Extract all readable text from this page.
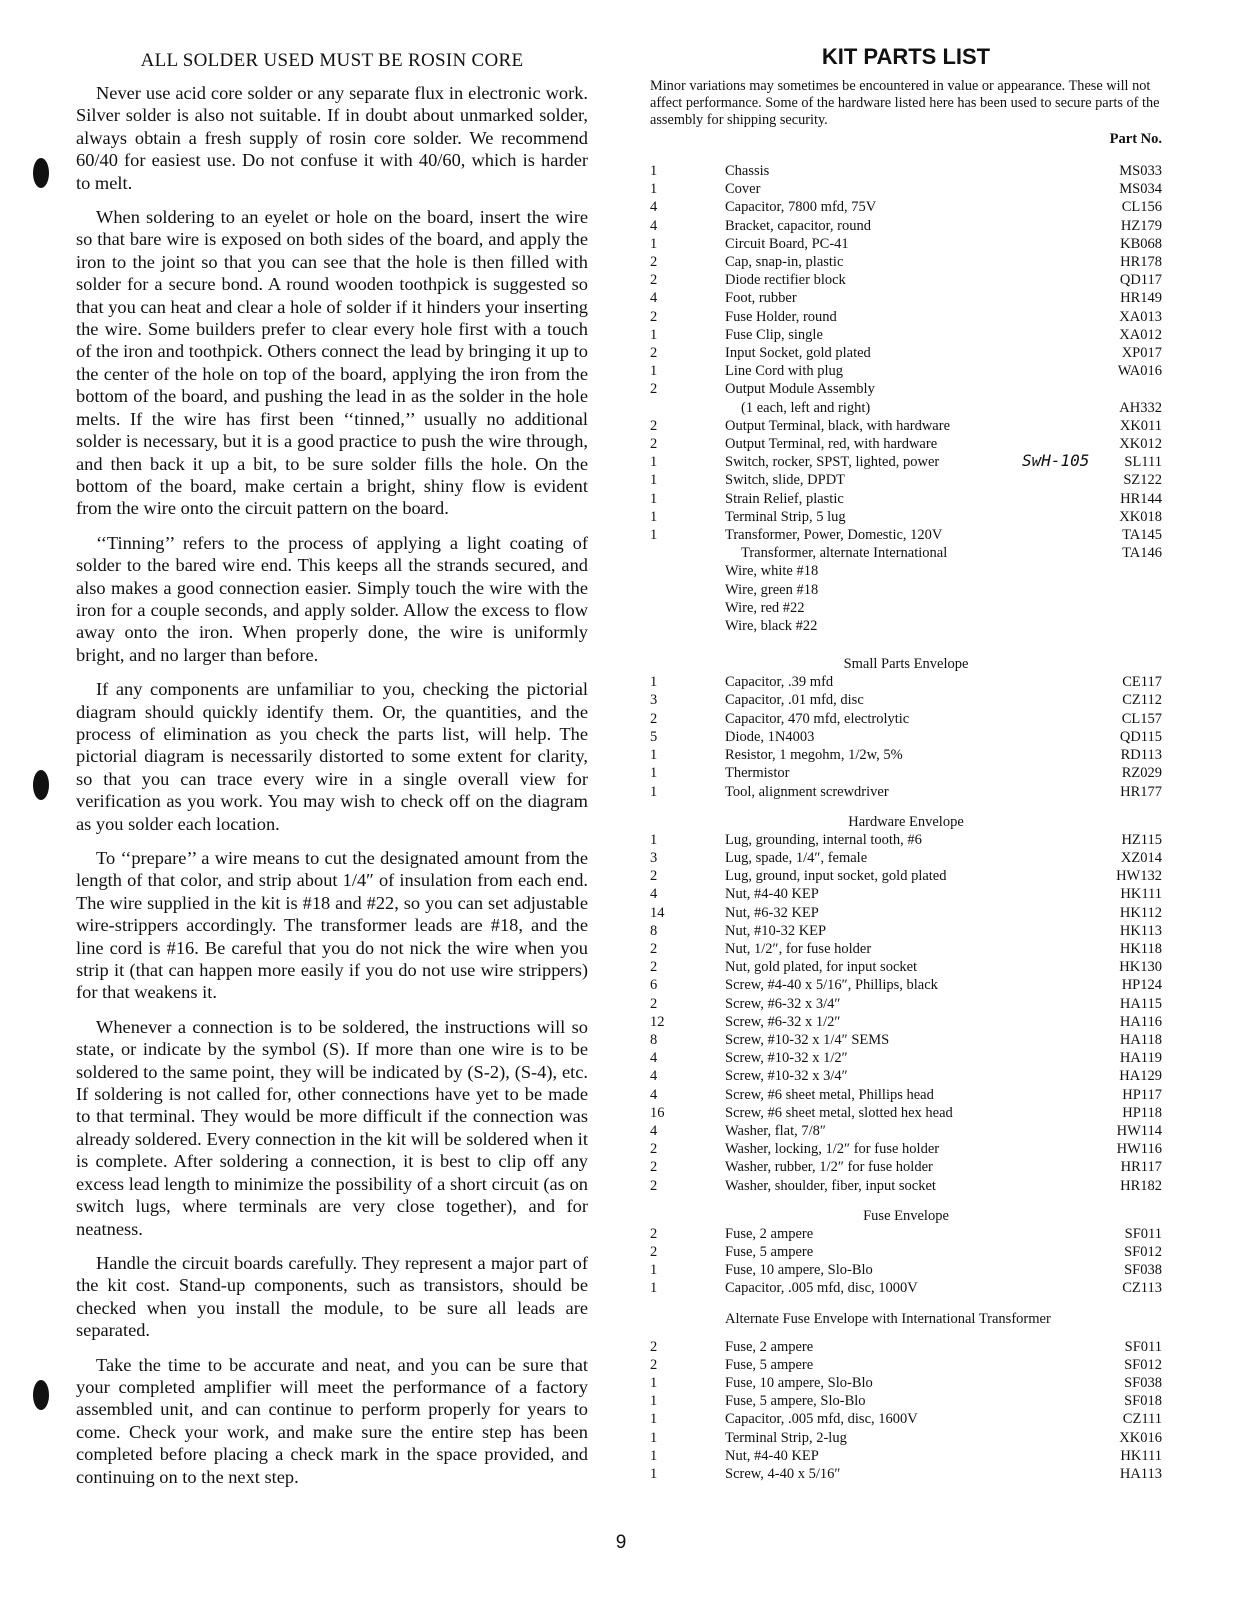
ALL SOLDER USED MUST BE ROSIN CORE

Never use acid core solder or any separate flux in electronic work. Silver solder is also not suitable. If in doubt about unmarked solder, always obtain a fresh supply of rosin core solder. We recommend 60/40 for easiest use. Do not confuse it with 40/60, which is harder to melt.

When soldering to an eyelet or hole on the board, insert the wire so that bare wire is exposed on both sides of the board, and apply the iron to the joint so that you can see that the hole is then filled with solder for a secure bond. A round wooden toothpick is suggested so that you can heat and clear a hole of solder if it hinders your inserting the wire. Some builders prefer to clear every hole first with a touch of the iron and toothpick. Others connect the lead by bringing it up to the center of the hole on top of the board, applying the iron from the bottom of the board, and pushing the lead in as the solder in the hole melts. If the wire has first been ‘‘tinned,’’ usually no additional solder is necessary, but it is a good practice to push the wire through, and then back it up a bit, to be sure solder fills the hole. On the bottom of the board, make certain a bright, shiny flow is evident from the wire onto the circuit pattern on the board.

‘‘Tinning’’ refers to the process of applying a light coating of solder to the bared wire end. This keeps all the strands secured, and also makes a good connection easier. Simply touch the wire with the iron for a couple seconds, and apply solder. Allow the excess to flow away onto the iron. When properly done, the wire is uniformly bright, and no larger than before.

If any components are unfamiliar to you, checking the pictorial diagram should quickly identify them. Or, the quantities, and the process of elimination as you check the parts list, will help. The pictorial diagram is necessarily distorted to some extent for clarity, so that you can trace every wire in a single overall view for verification as you work. You may wish to check off on the diagram as you solder each location.

To ‘‘prepare’’ a wire means to cut the designated amount from the length of that color, and strip about 1/4″ of insulation from each end. The wire supplied in the kit is #18 and #22, so you can set adjustable wire-strippers accordingly. The transformer leads are #18, and the line cord is #16. Be careful that you do not nick the wire when you strip it (that can happen more easily if you do not use wire strippers) for that weakens it.

Whenever a connection is to be soldered, the instructions will so state, or indicate by the symbol (S). If more than one wire is to be soldered to the same point, they will be indicated by (S-2), (S-4), etc. If soldering is not called for, other connections have yet to be made to that terminal. They would be more difficult if the connection was already soldered. Every connection in the kit will be soldered when it is complete. After soldering a connection, it is best to clip off any excess lead length to minimize the possibility of a short circuit (as on switch lugs, where terminals are very close together), and for neatness.

Handle the circuit boards carefully. They represent a major part of the kit cost. Stand-up components, such as transistors, should be checked when you install the module, to be sure all leads are separated.

Take the time to be accurate and neat, and you can be sure that your completed amplifier will meet the performance of a factory assembled unit, and can continue to perform properly for years to come. Check your work, and make sure the entire step has been completed before placing a check mark in the space provided, and continuing on to the next step.

KIT PARTS LIST

Minor variations may sometimes be encountered in value or appearance. These will not affect performance. Some of the hardware listed here has been used to secure parts of the assembly for shipping security.

Part No.
1	Chassis	MS033
1	Cover	MS034
4	Capacitor, 7800 mfd, 75V	CL156
4	Bracket, capacitor, round	HZ179
1	Circuit Board, PC-41	KB068
2	Cap, snap-in, plastic	HR178
2	Diode rectifier block	QD117
4	Foot, rubber	HR149
2	Fuse Holder, round	XA013
1	Fuse Clip, single	XA012
2	Input Socket, gold plated	XP017
1	Line Cord with plug	WA016
2	Output Module Assembly
(1 each, left and right)	AH332
2	Output Terminal, black, with hardware	XK011
2	Output Terminal, red, with hardware	XK012
1	Switch, rocker, SPST, lighted, power	SwH-105	SL111
1	Switch, slide, DPDT	SZ122
1	Strain Relief, plastic	HR144
1	Terminal Strip, 5 lug	XK018
1	Transformer, Power, Domestic, 120V	TA145
Transformer, alternate International	TA146
Wire, white #18
Wire, green #18
Wire, red #22
Wire, black #22
Small Parts Envelope
1	Capacitor, .39 mfd	CE117
3	Capacitor, .01 mfd, disc	CZ112
2	Capacitor, 470 mfd, electrolytic	CL157
5	Diode, 1N4003	QD115
1	Resistor, 1 megohm, 1/2w, 5%	RD113
1	Thermistor	RZ029
1	Tool, alignment screwdriver	HR177
Hardware Envelope
1	Lug, grounding, internal tooth, #6	HZ115
3	Lug, spade, 1/4″, female	XZ014
2	Lug, ground, input socket, gold plated	HW132
4	Nut, #4-40 KEP	HK111
14	Nut, #6-32 KEP	HK112
8	Nut, #10-32 KEP	HK113
2	Nut, 1/2″, for fuse holder	HK118
2	Nut, gold plated, for input socket	HK130
6	Screw, #4-40 x 5/16″, Phillips, black	HP124
2	Screw, #6-32 x 3/4″	HA115
12	Screw, #6-32 x 1/2″	HA116
8	Screw, #10-32 x 1/4″ SEMS	HA118
4	Screw, #10-32 x 1/2″	HA119
4	Screw, #10-32 x 3/4″	HA129
4	Screw, #6 sheet metal, Phillips head	HP117
16	Screw, #6 sheet metal, slotted hex head	HP118
4	Washer, flat, 7/8″	HW114
2	Washer, locking, 1/2″ for fuse holder	HW116
2	Washer, rubber, 1/2″ for fuse holder	HR117
2	Washer, shoulder, fiber, input socket	HR182
Fuse Envelope
2	Fuse, 2 ampere	SF011
2	Fuse, 5 ampere	SF012
1	Fuse, 10 ampere, Slo-Blo	SF038
1	Capacitor, .005 mfd, disc, 1000V	CZ113
Alternate Fuse Envelope with International Transformer
2	Fuse, 2 ampere	SF011
2	Fuse, 5 ampere	SF012
1	Fuse, 10 ampere, Slo-Blo	SF038
1	Fuse, 5 ampere, Slo-Blo	SF018
1	Capacitor, .005 mfd, disc, 1600V	CZ111
1	Terminal Strip, 2-lug	XK016
1	Nut, #4-40 KEP	HK111
1	Screw, 4-40 x 5/16″	HA113
9
